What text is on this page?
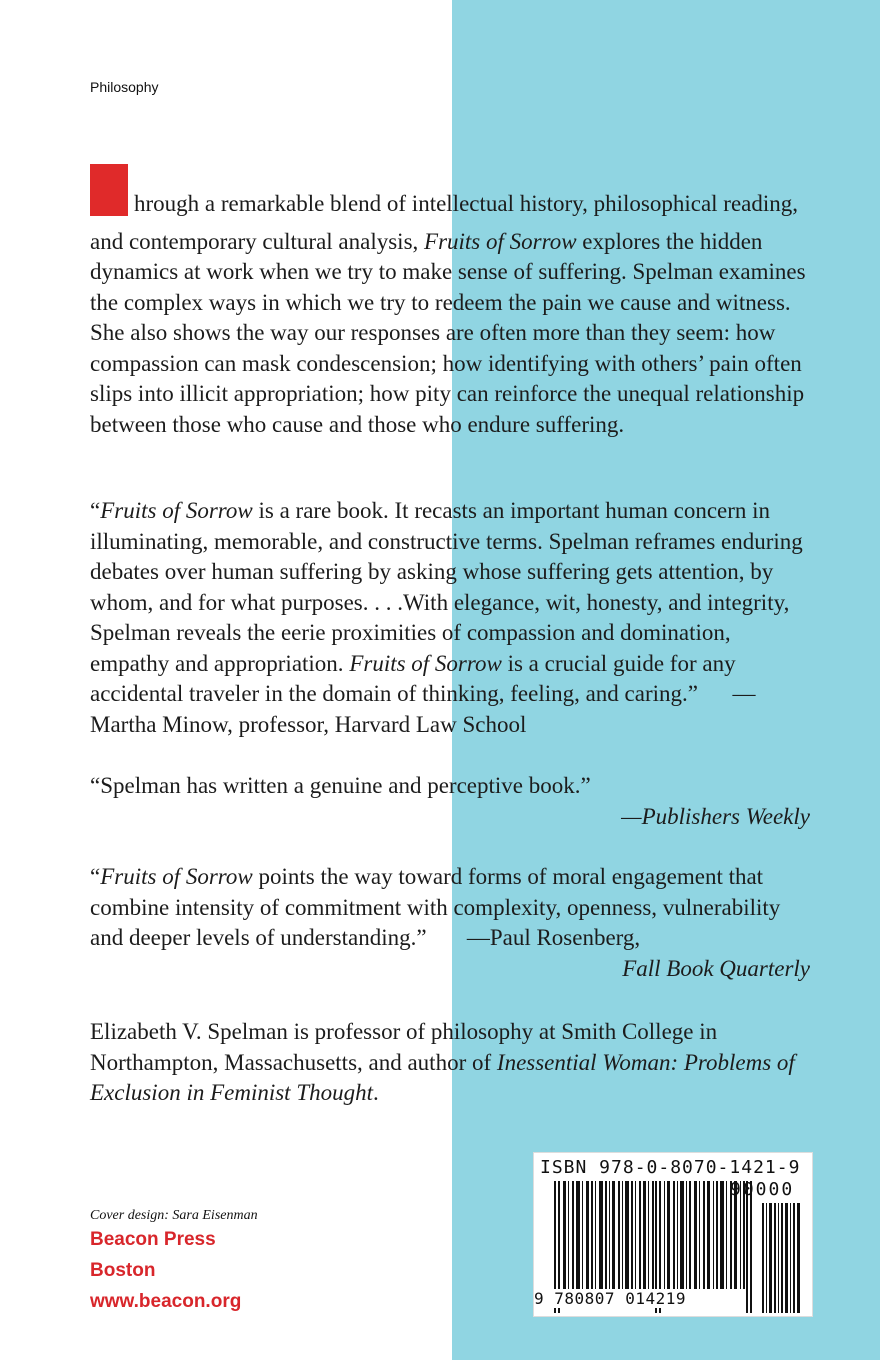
Philosophy

Through a remarkable blend of intellectual history, philosophical reading, and contemporary cultural analysis, Fruits of Sorrow explores the hidden dynamics at work when we try to make sense of suffering. Spelman examines the complex ways in which we try to redeem the pain we cause and witness. She also shows the way our responses are often more than they seem: how compassion can mask condescension; how identifying with others’ pain often slips into illicit appropriation; how pity can reinforce the unequal relationship between those who cause and those who endure suffering.

“Fruits of Sorrow is a rare book. It recasts an important human concern in illuminating, memorable, and constructive terms. Spelman reframes enduring debates over human suffering by asking whose suffering gets attention, by whom, and for what purposes. . . .With elegance, wit, honesty, and integrity, Spelman reveals the eerie proximities of compassion and domination, empathy and appropriation. Fruits of Sorrow is a crucial guide for any accidental traveler in the domain of thinking, feeling, and caring.” —Martha Minow, professor, Harvard Law School

“Spelman has written a genuine and perceptive book.”
—Publishers Weekly

“Fruits of Sorrow points the way toward forms of moral engagement that combine intensity of commitment with complexity, openness, vulnerability and deeper levels of understanding.” —Paul Rosenberg,
Fall Book Quarterly

Elizabeth V. Spelman is professor of philosophy at Smith College in Northampton, Massachusetts, and author of Inessential Woman: Problems of Exclusion in Feminist Thought.

ISBN 978-0-8070-1421-9
90000
9 780807 014219
Cover design: Sara Eisenman
Beacon Press
Boston
www.beacon.org
